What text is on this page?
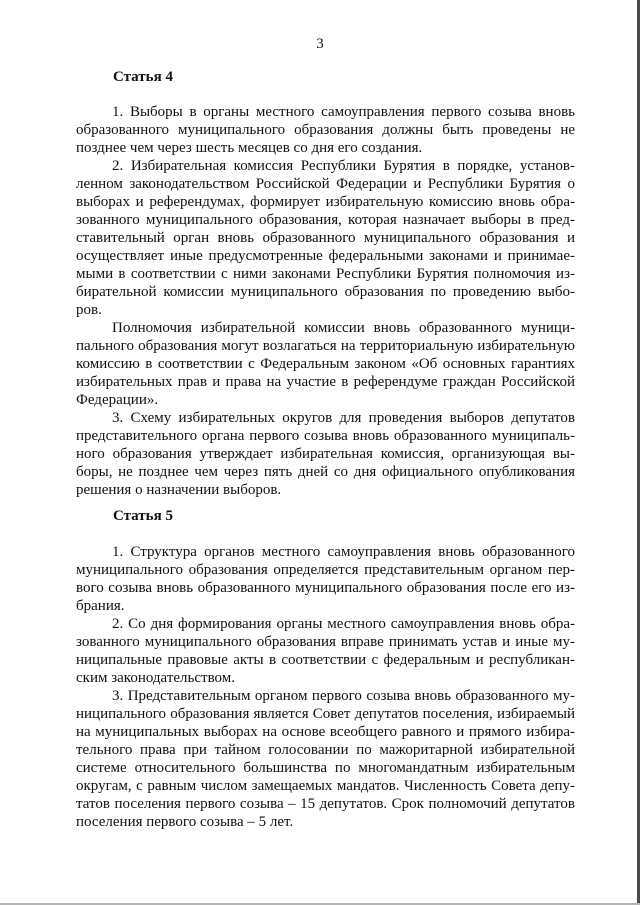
3
Статья 4
1. Выборы в органы местного самоуправления первого созыва вновь
образованного муниципального образования должны быть проведены не
позднее чем через шесть месяцев со дня его создания.
2. Избирательная комиссия Республики Бурятия в порядке, установ-
ленном законодательством Российской Федерации и Республики Бурятия о
выборах и референдумах, формирует избирательную комиссию вновь обра-
зованного муниципального образования, которая назначает выборы в пред-
ставительный орган вновь образованного муниципального образования и
осуществляет иные предусмотренные федеральными законами и принимае-
мыми в соответствии с ними законами Республики Бурятия полномочия из-
бирательной комиссии муниципального образования по проведению выбо-
ров.
Полномочия избирательной комиссии вновь образованного муници-
пального образования могут возлагаться на территориальную избирательную
комиссию в соответствии с Федеральным законом «Об основных гарантиях
избирательных прав и права на участие в референдуме граждан Российской
Федерации».
3. Схему избирательных округов для проведения выборов депутатов
представительного органа первого созыва вновь образованного муниципаль-
ного образования утверждает избирательная комиссия, организующая вы-
боры, не позднее чем через пять дней со дня официального опубликования
решения о назначении выборов.
Статья 5
1. Структура органов местного самоуправления вновь образованного
муниципального образования определяется представительным органом пер-
вого созыва вновь образованного муниципального образования после его из-
брания.
2. Со дня формирования органы местного самоуправления вновь обра-
зованного муниципального образования вправе принимать устав и иные му-
ниципальные правовые акты в соответствии с федеральным и республикан-
ским законодательством.
3. Представительным органом первого созыва вновь образованного му-
ниципального образования является Совет депутатов поселения, избираемый
на муниципальных выборах на основе всеобщего равного и прямого избира-
тельного права при тайном голосовании по мажоритарной избирательной
системе относительного большинства по многомандатным избирательным
округам, с равным числом замещаемых мандатов. Численность Совета депу-
татов поселения первого созыва – 15 депутатов. Срок полномочий депутатов
поселения первого созыва – 5 лет.
